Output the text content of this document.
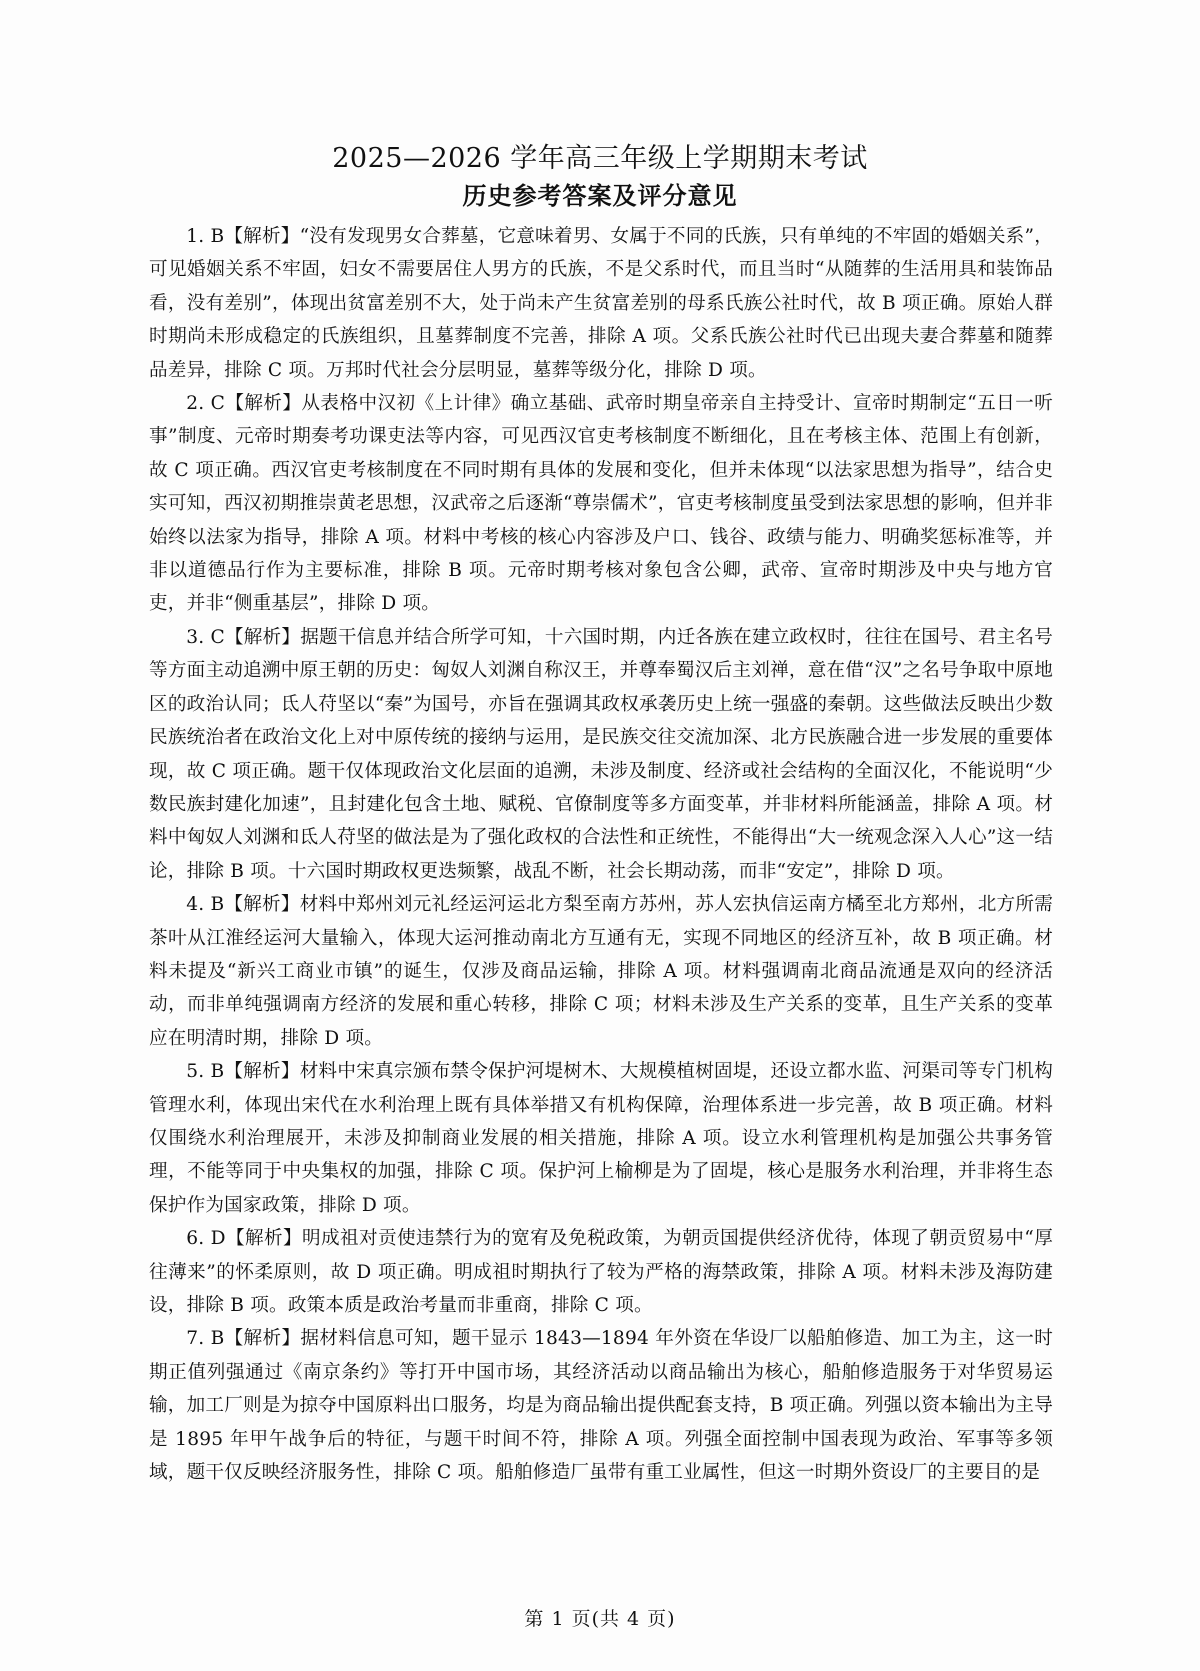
2025—2026 学年高三年级上学期期末考试
历史参考答案及评分意见

1. B【解析】“没有发现男女合葬墓，它意味着男、女属于不同的氏族，只有单纯的不牢固的婚姻关系”，可见婚姻关系不牢固，妇女不需要居住人男方的氏族，不是父系时代，而且当时“从随葬的生活用具和装饰品看，没有差别”，体现出贫富差别不大，处于尚未产生贫富差别的母系氏族公社时代，故 B 项正确。原始人群时期尚未形成稳定的氏族组织，且墓葬制度不完善，排除 A 项。父系氏族公社时代已出现夫妻合葬墓和随葬品差异，排除 C 项。万邦时代社会分层明显，墓葬等级分化，排除 D 项。

2. C【解析】从表格中汉初《上计律》确立基础、武帝时期皇帝亲自主持受计、宣帝时期制定“五日一听事”制度、元帝时期奏考功课吏法等内容，可见西汉官吏考核制度不断细化，且在考核主体、范围上有创新，故 C 项正确。西汉官吏考核制度在不同时期有具体的发展和变化，但并未体现“以法家思想为指导”，结合史实可知，西汉初期推崇黄老思想，汉武帝之后逐渐“尊崇儒术”，官吏考核制度虽受到法家思想的影响，但并非始终以法家为指导，排除 A 项。材料中考核的核心内容涉及户口、钱谷、政绩与能力、明确奖惩标准等，并非以道德品行作为主要标准，排除 B 项。元帝时期考核对象包含公卿，武帝、宣帝时期涉及中央与地方官吏，并非“侧重基层”，排除 D 项。

3. C【解析】据题干信息并结合所学可知，十六国时期，内迁各族在建立政权时，往往在国号、君主名号等方面主动追溯中原王朝的历史：匈奴人刘渊自称汉王，并尊奉蜀汉后主刘禅，意在借“汉”之名号争取中原地区的政治认同；氐人苻坚以“秦”为国号，亦旨在强调其政权承袭历史上统一强盛的秦朝。这些做法反映出少数民族统治者在政治文化上对中原传统的接纳与运用，是民族交往交流加深、北方民族融合进一步发展的重要体现，故 C 项正确。题干仅体现政治文化层面的追溯，未涉及制度、经济或社会结构的全面汉化，不能说明“少数民族封建化加速”，且封建化包含土地、赋税、官僚制度等多方面变革，并非材料所能涵盖，排除 A 项。材料中匈奴人刘渊和氐人苻坚的做法是为了强化政权的合法性和正统性，不能得出“大一统观念深入人心”这一结论，排除 B 项。十六国时期政权更迭频繁，战乱不断，社会长期动荡，而非“安定”，排除 D 项。

4. B【解析】材料中郑州刘元礼经运河运北方梨至南方苏州，苏人宏执信运南方橘至北方郑州，北方所需茶叶从江淮经运河大量输入，体现大运河推动南北方互通有无，实现不同地区的经济互补，故 B 项正确。材料未提及“新兴工商业市镇”的诞生，仅涉及商品运输，排除 A 项。材料强调南北商品流通是双向的经济活动，而非单纯强调南方经济的发展和重心转移，排除 C 项；材料未涉及生产关系的变革，且生产关系的变革应在明清时期，排除 D 项。

5. B【解析】材料中宋真宗颁布禁令保护河堤树木、大规模植树固堤，还设立都水监、河渠司等专门机构管理水利，体现出宋代在水利治理上既有具体举措又有机构保障，治理体系进一步完善，故 B 项正确。材料仅围绕水利治理展开，未涉及抑制商业发展的相关措施，排除 A 项。设立水利管理机构是加强公共事务管理，不能等同于中央集权的加强，排除 C 项。保护河上榆柳是为了固堤，核心是服务水利治理，并非将生态保护作为国家政策，排除 D 项。

6. D【解析】明成祖对贡使违禁行为的宽宥及免税政策，为朝贡国提供经济优待，体现了朝贡贸易中“厚往薄来”的怀柔原则，故 D 项正确。明成祖时期执行了较为严格的海禁政策，排除 A 项。材料未涉及海防建设，排除 B 项。政策本质是政治考量而非重商，排除 C 项。

7. B【解析】据材料信息可知，题干显示 1843—1894 年外资在华设厂以船舶修造、加工为主，这一时期正值列强通过《南京条约》等打开中国市场，其经济活动以商品输出为核心，船舶修造服务于对华贸易运输，加工厂则是为掠夺中国原料出口服务，均是为商品输出提供配套支持，B 项正确。列强以资本输出为主导是 1895 年甲午战争后的特征，与题干时间不符，排除 A 项。列强全面控制中国表现为政治、军事等多领域，题干仅反映经济服务性，排除 C 项。船舶修造厂虽带有重工业属性，但这一时期外资设厂的主要目的是

第 1 页(共 4 页)
